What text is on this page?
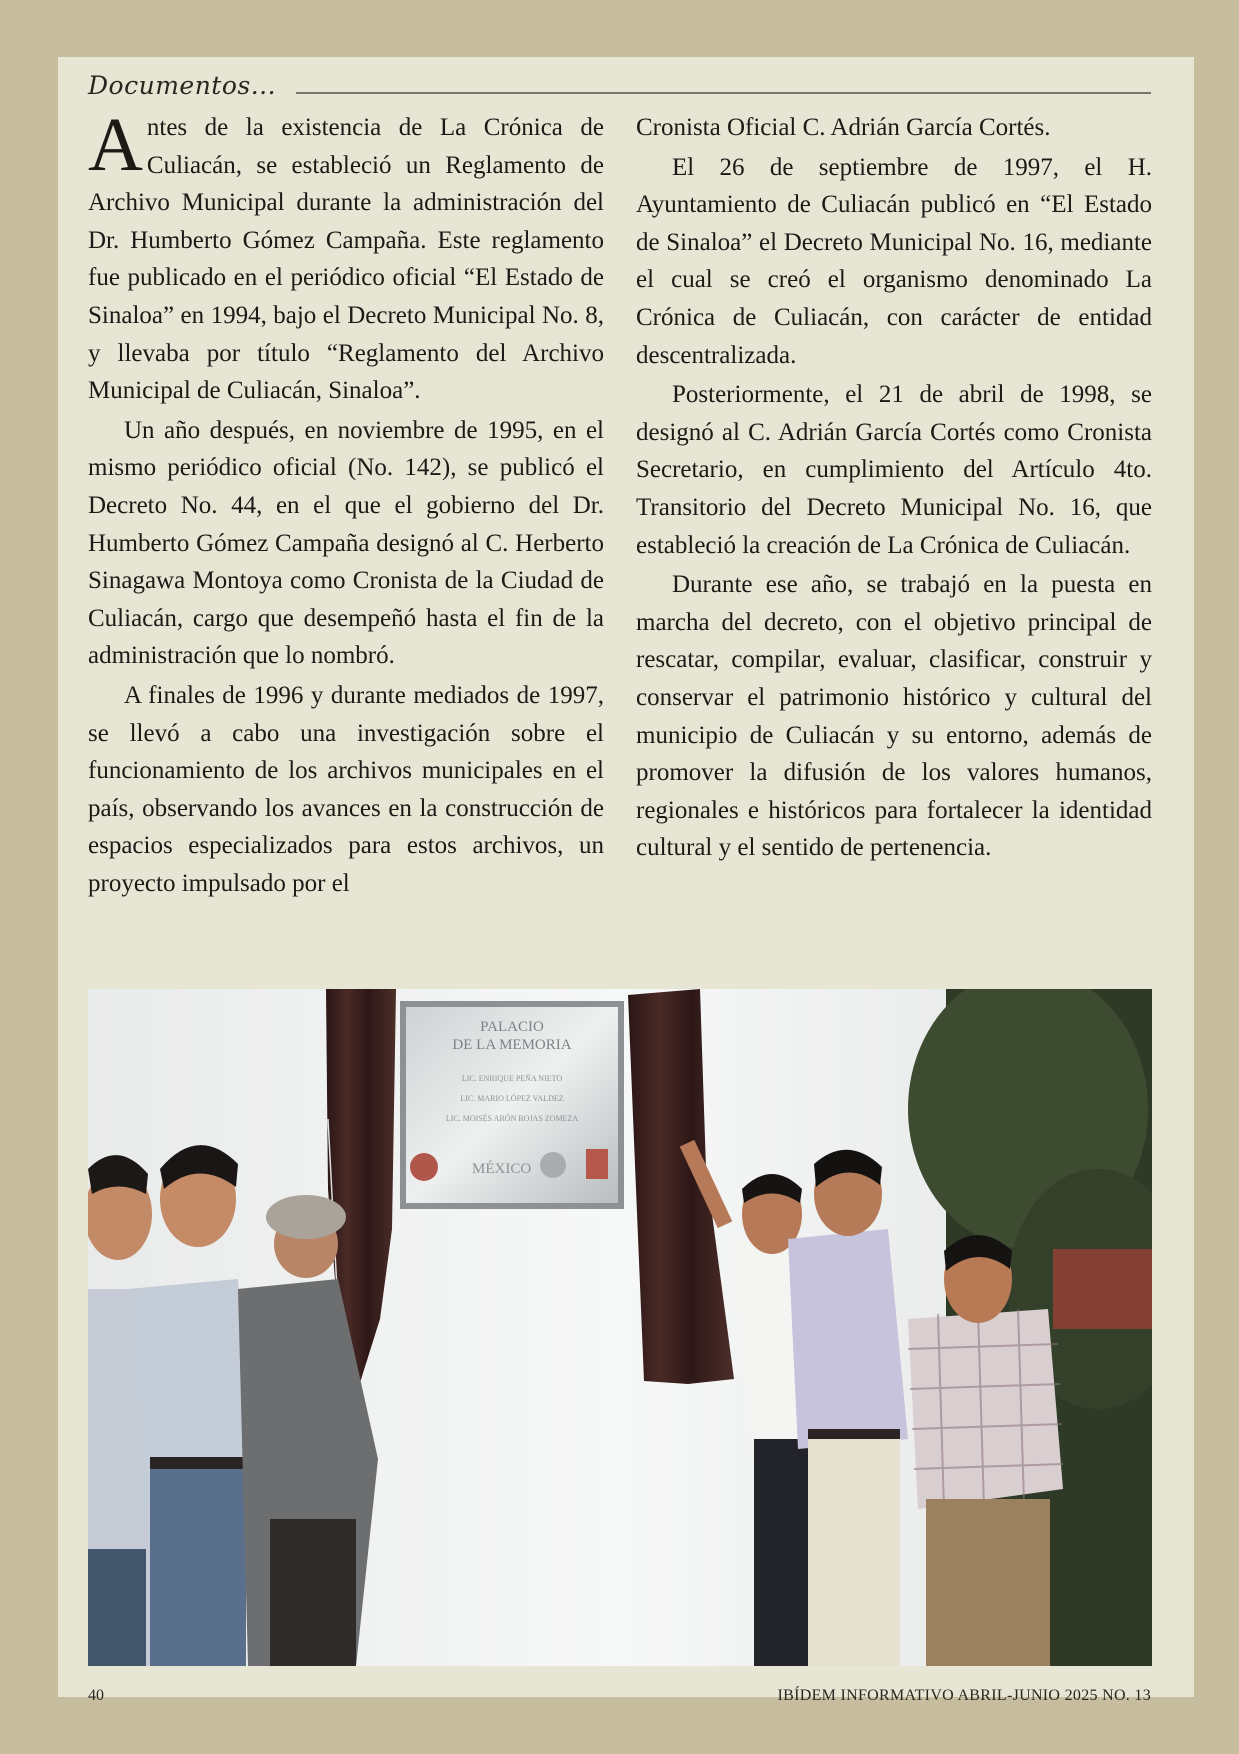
Documentos...

Antes de la existencia de La Crónica de Culiacán, se estableció un Reglamento de Archivo Municipal durante la administración del Dr. Humberto Gómez Campaña. Este reglamento fue publicado en el periódico oficial “El Estado de Sinaloa” en 1994, bajo el Decreto Municipal No. 8, y llevaba por título “Reglamento del Archivo Municipal de Culiacán, Sinaloa”.

Un año después, en noviembre de 1995, en el mismo periódico oficial (No. 142), se publicó el Decreto No. 44, en el que el gobierno del Dr. Humberto Gómez Campaña designó al C. Herberto Sinagawa Montoya como Cronista de la Ciudad de Culiacán, cargo que desempeñó hasta el fin de la administración que lo nombró.

A finales de 1996 y durante mediados de 1997, se llevó a cabo una investigación sobre el funcionamiento de los archivos municipales en el país, observando los avances en la construcción de espacios especializados para estos archivos, un proyecto impulsado por el

Cronista Oficial C. Adrián García Cortés.

El 26 de septiembre de 1997, el H. Ayuntamiento de Culiacán publicó en “El Estado de Sinaloa” el Decreto Municipal No. 16, mediante el cual se creó el organismo denominado La Crónica de Culiacán, con carácter de entidad descentralizada.

Posteriormente, el 21 de abril de 1998, se designó al C. Adrián García Cortés como Cronista Secretario, en cumplimiento del Artículo 4to. Transitorio del Decreto Municipal No. 16, que estableció la creación de La Crónica de Culiacán.

Durante ese año, se trabajó en la puesta en marcha del decreto, con el objetivo principal de rescatar, compilar, evaluar, clasificar, construir y conservar el patrimonio histórico y cultural del municipio de Culiacán y su entorno, además de promover la difusión de los valores humanos, regionales e históricos para fortalecer la identidad cultural y el sentido de pertenencia.

PALACIO
DE LA MEMORIA
LIC. ENRIQUE PEÑA NIETO
LIC. MARIO LÓPEZ VALDEZ
LIC. MOISÉS ARÓN ROJAS ZOMEZA
MÉXICO
40	IBÍDEM INFORMATIVO ABRIL-JUNIO 2025 NO. 13
